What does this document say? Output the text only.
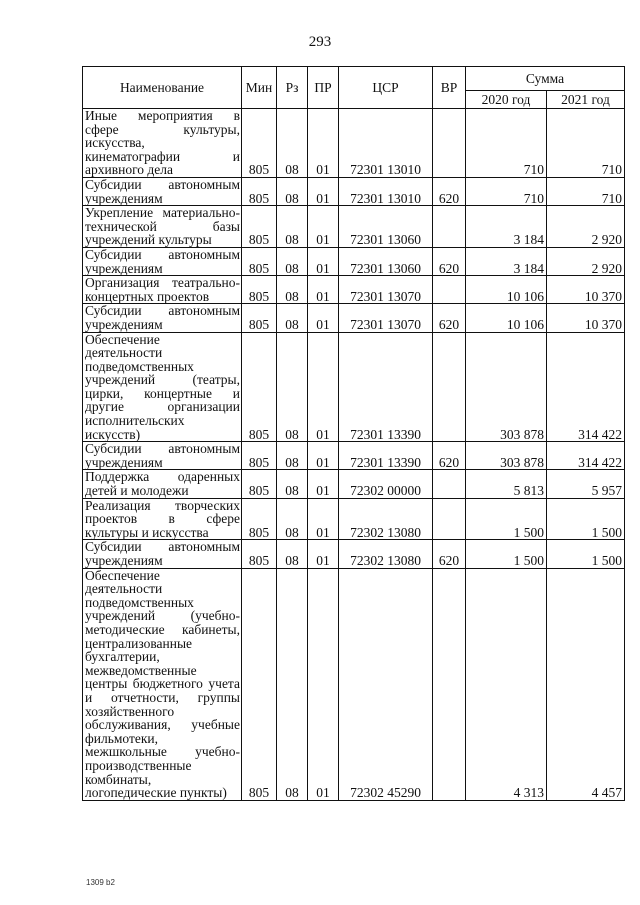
293
Наименование	Мин	Рз	ПР	ЦСР	ВР	Сумма	
						2020 год	2021 год
Иные мероприятия в сфере культуры, искусства, кинематографии и архивного дела	805	08	01	72301 13010		710	710
Субсидии автономным учреждениям	805	08	01	72301 13010	620	710	710
Укрепление материально-технической базы учреждений культуры	805	08	01	72301 13060		3 184	2 920
Субсидии автономным учреждениям	805	08	01	72301 13060	620	3 184	2 920
Организация театрально-концертных проектов	805	08	01	72301 13070		10 106	10 370
Субсидии автономным учреждениям	805	08	01	72301 13070	620	10 106	10 370
Обеспечение деятельности подведомственных учреждений (театры, цирки, концертные и другие организации исполнительских искусств)	805	08	01	72301 13390		303 878	314 422
Субсидии автономным учреждениям	805	08	01	72301 13390	620	303 878	314 422
Поддержка одаренных детей и молодежи	805	08	01	72302 00000		5 813	5 957
Реализация творческих проектов в сфере культуры и искусства	805	08	01	72302 13080		1 500	1 500
Субсидии автономным учреждениям	805	08	01	72302 13080	620	1 500	1 500
Обеспечение деятельности подведомственных учреждений (учебно-методические кабинеты, централизованные бухгалтерии, межведомственные центры бюджетного учета и отчетности, группы хозяйственного обслуживания, учебные фильмотеки, межшкольные учебно-производственные комбинаты, логопедические пункты)	805	08	01	72302 45290		4 313	4 457
1309 b2
